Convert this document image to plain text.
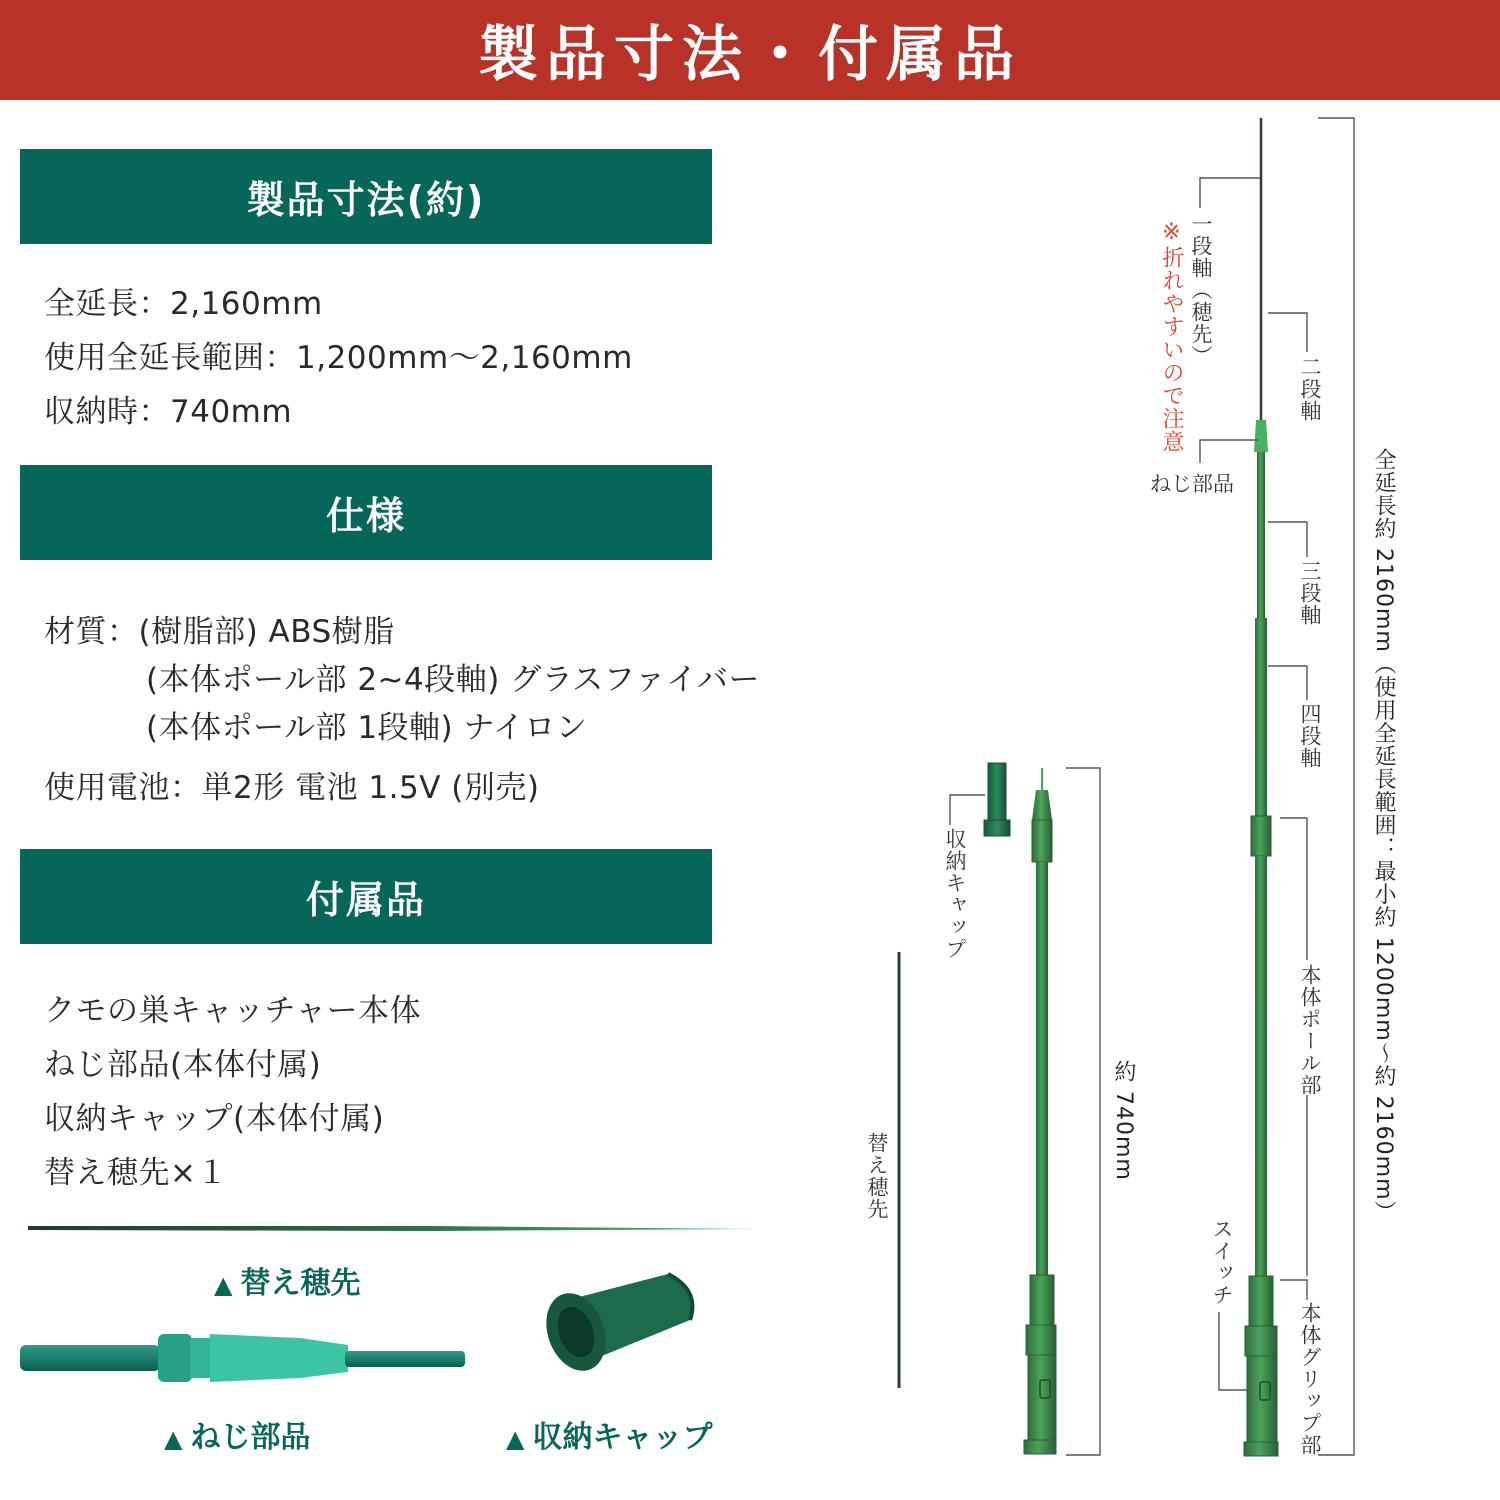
製品寸法・付属品
製品寸法(約)
全延長：2,160mm
使用全延長範囲：1,200mm〜2,160mm
収納時：740mm
仕様
材質：(樹脂部) ABS樹脂
(本体ポール部 2~4段軸) グラスファイバー
(本体ポール部 1段軸) ナイロン
使用電池：単2形 電池 1.5V (別売)
付属品
クモの巣キャッチャー本体
ねじ部品(本体付属)
収納キャップ(本体付属)
替え穂先×１
▲ 替え穂先
▲ ねじ部品	▲ 収納キャップ
収納キャップ
替え穂先	約 740mm
一段軸（穂先）
※折れやすいので注意
ねじ部品
二段軸
三段軸
四段軸
本体ポール部
本体グリップ部
スイッチ
全延長約 2160mm（使用全延長範囲：最小約 1200mm〜約 2160mm）
